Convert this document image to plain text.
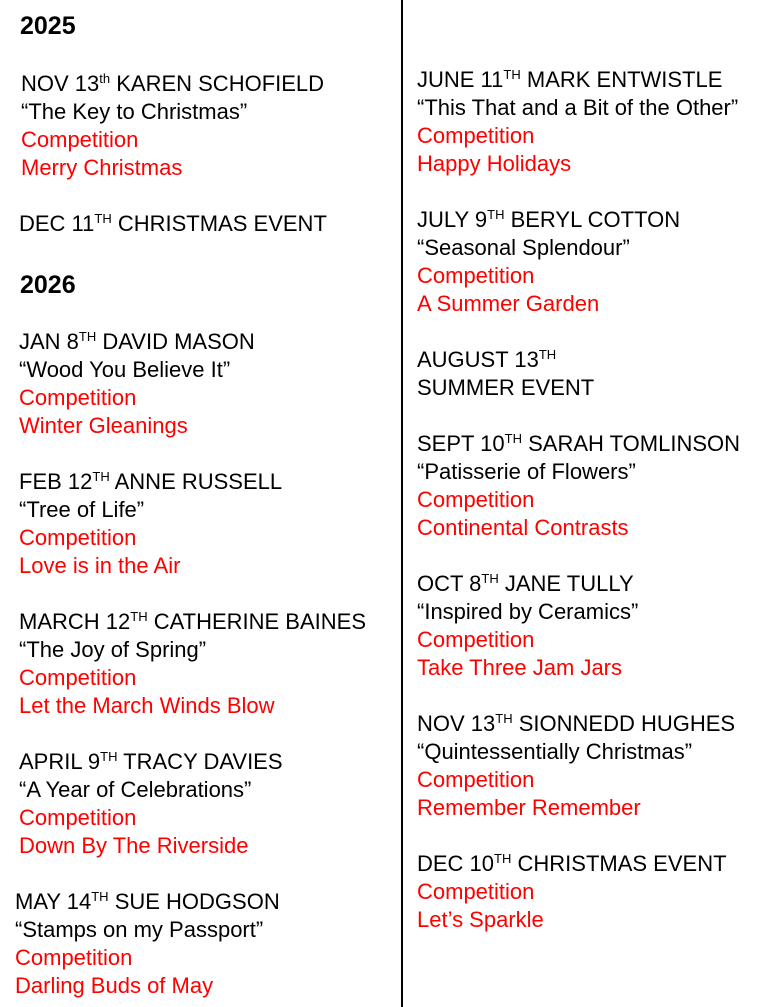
2025
2026
NOV 13th KAREN SCHOFIELD
“The Key to Christmas”
Competition
Merry Christmas
DEC 11TH CHRISTMAS EVENT
JAN 8TH DAVID MASON
“Wood You Believe It”
Competition
Winter Gleanings
FEB 12TH ANNE RUSSELL
“Tree of Life”
Competition
Love is in the Air
MARCH 12TH CATHERINE BAINES
“The Joy of Spring”
Competition
Let the March Winds Blow
APRIL 9TH TRACY DAVIES
“A Year of Celebrations”
Competition
Down By The Riverside
MAY 14TH SUE HODGSON
“Stamps on my Passport”
Competition
Darling Buds of May
JUNE 11TH MARK ENTWISTLE
“This That and a Bit of the Other”
Competition
Happy Holidays
JULY 9TH BERYL COTTON
“Seasonal Splendour”
Competition
A Summer Garden
AUGUST 13TH
SUMMER EVENT
SEPT 10TH SARAH TOMLINSON
“Patisserie of Flowers”
Competition
Continental Contrasts
OCT 8TH JANE TULLY
“Inspired by Ceramics”
Competition
Take Three Jam Jars
NOV 13TH SIONNEDD HUGHES
“Quintessentially Christmas”
Competition
Remember Remember
DEC 10TH CHRISTMAS EVENT
Competition
Let’s Sparkle
